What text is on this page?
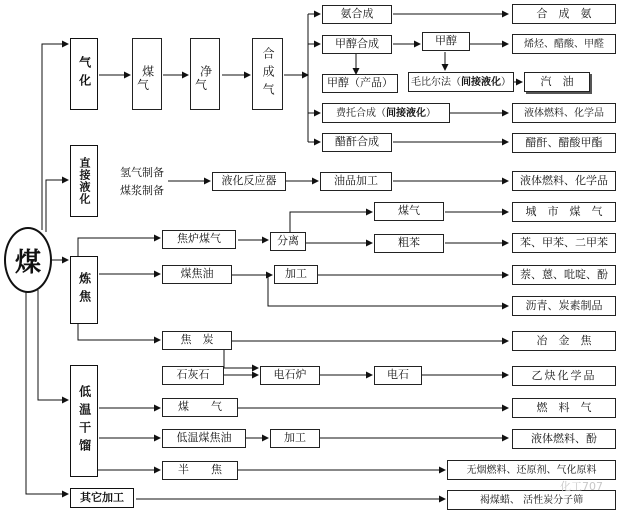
煤
气化
直接液化
炼焦
低温干馏
其它加工
煤	净	合成气
气	气
氨合成
甲醇合成	甲醇
甲醇（产品）	毛比尔法（ 间接液化 ）
费托合成（ 间接液化 ）
醋酐合成
合　成　氨
烯烃、醋酸、甲醛
汽　油
液体燃料、化学品
醋酐、醋酸甲酯
氢气制备
煤浆制备
液化反应器	油品加工	液体燃料、化学品
焦炉煤气	分离
煤气
粗苯
煤焦油	加工
焦　炭
石灰石	电石炉	电石
城　市　煤　气
苯、甲苯、二甲苯
萘、蒽、吡啶、酚
沥青、炭素制品
冶　金　焦
乙炔化学品
煤　　气
低温煤焦油	加工
半　　焦
燃　料　气
液体燃料、酚
无烟燃料、还原剂、气化原料
褐煤蜡、 活性炭分子筛
化工707
